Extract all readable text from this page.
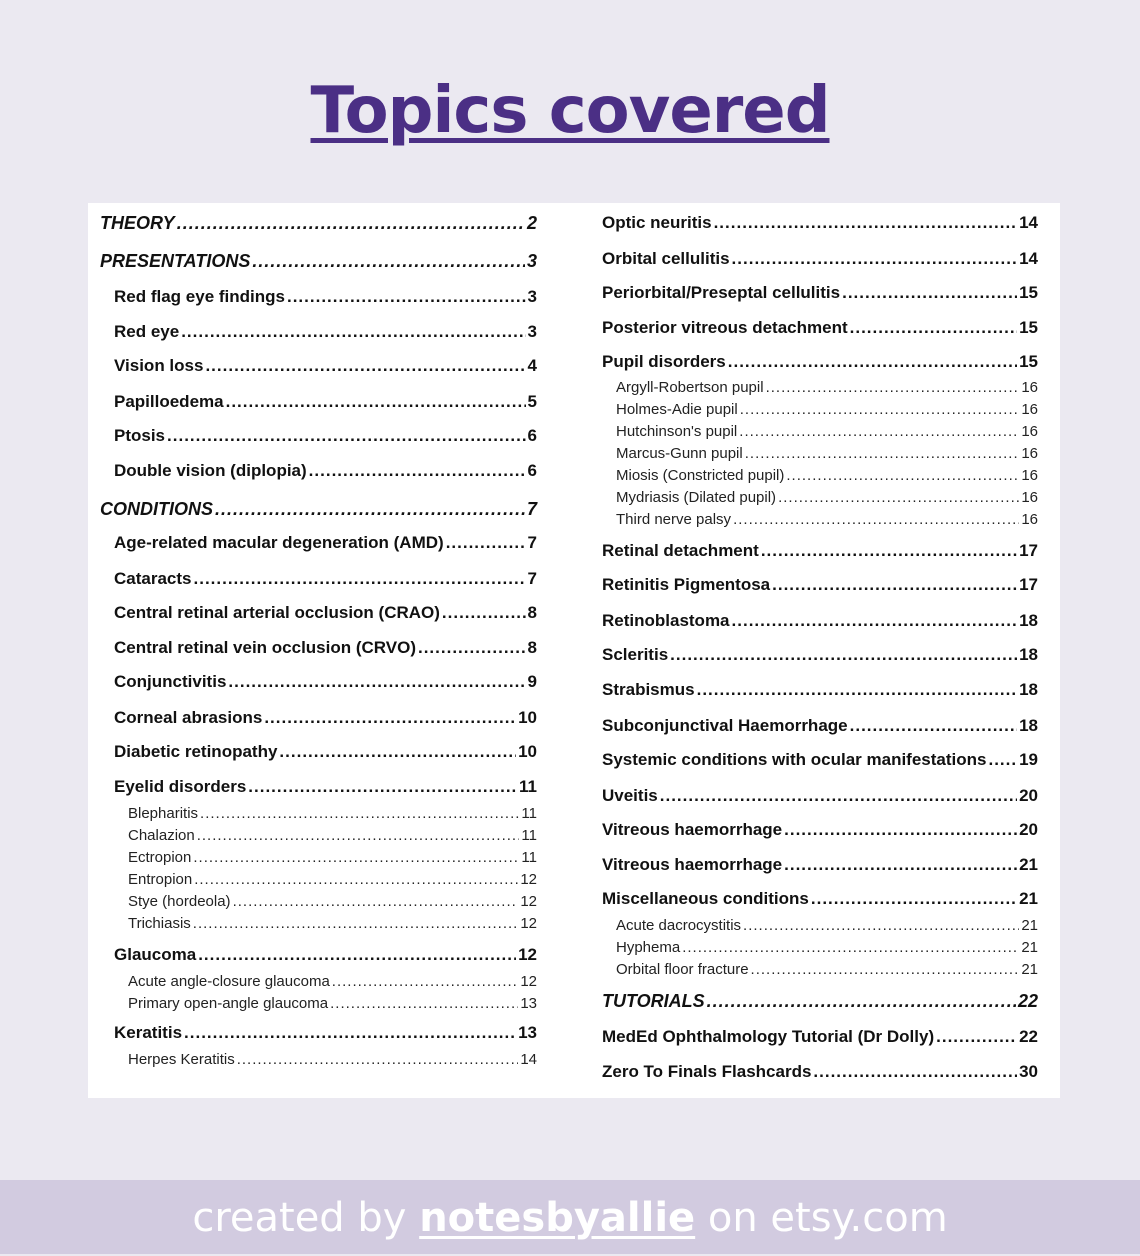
Topics covered
THEORY .....	2
PRESENTATIONS .....	3
Red flag eye findings .....	3
Red eye .....	3
Vision loss .....	4
Papilloedema .....	5
Ptosis .....	6
Double vision (diplopia) .....	6
CONDITIONS .....	7
Age-related macular degeneration (AMD) .....	7
Cataracts .....	7
Central retinal arterial occlusion (CRAO) .....	8
Central retinal vein occlusion (CRVO) .....	8
Conjunctivitis .....	9
Corneal abrasions .....	10
Diabetic retinopathy .....	10
Eyelid disorders .....	11
Blepharitis .....	11
Chalazion .....	11
Ectropion .....	11
Entropion .....	12
Stye (hordeola) .....	12
Trichiasis .....	12
Glaucoma .....	12
Acute angle-closure glaucoma .....	12
Primary open-angle glaucoma .....	13
Keratitis .....	13
Herpes Keratitis .....	14
Optic neuritis .....	14
Orbital cellulitis .....	14
Periorbital/Preseptal cellulitis .....	15
Posterior vitreous detachment .....	15
Pupil disorders .....	15
Argyll-Robertson pupil .....	16
Holmes-Adie pupil .....	16
Hutchinson's pupil .....	16
Marcus-Gunn pupil .....	16
Miosis (Constricted pupil) .....	16
Mydriasis (Dilated pupil) .....	16
Third nerve palsy .....	16
Retinal detachment .....	17
Retinitis Pigmentosa .....	17
Retinoblastoma .....	18
Scleritis .....	18
Strabismus .....	18
Subconjunctival Haemorrhage .....	18
Systemic conditions with ocular manifestations ..... 19
Uveitis .....	20
Vitreous haemorrhage .....	20
Vitreous haemorrhage .....	21
Miscellaneous conditions .....	21
Acute dacrocystitis .....	21
Hyphema .....	21
Orbital floor fracture .....	21
TUTORIALS .....	22
MedEd Ophthalmology Tutorial (Dr Dolly) .....	22
Zero To Finals Flashcards .....	30
created by notesbyallie on etsy.com
